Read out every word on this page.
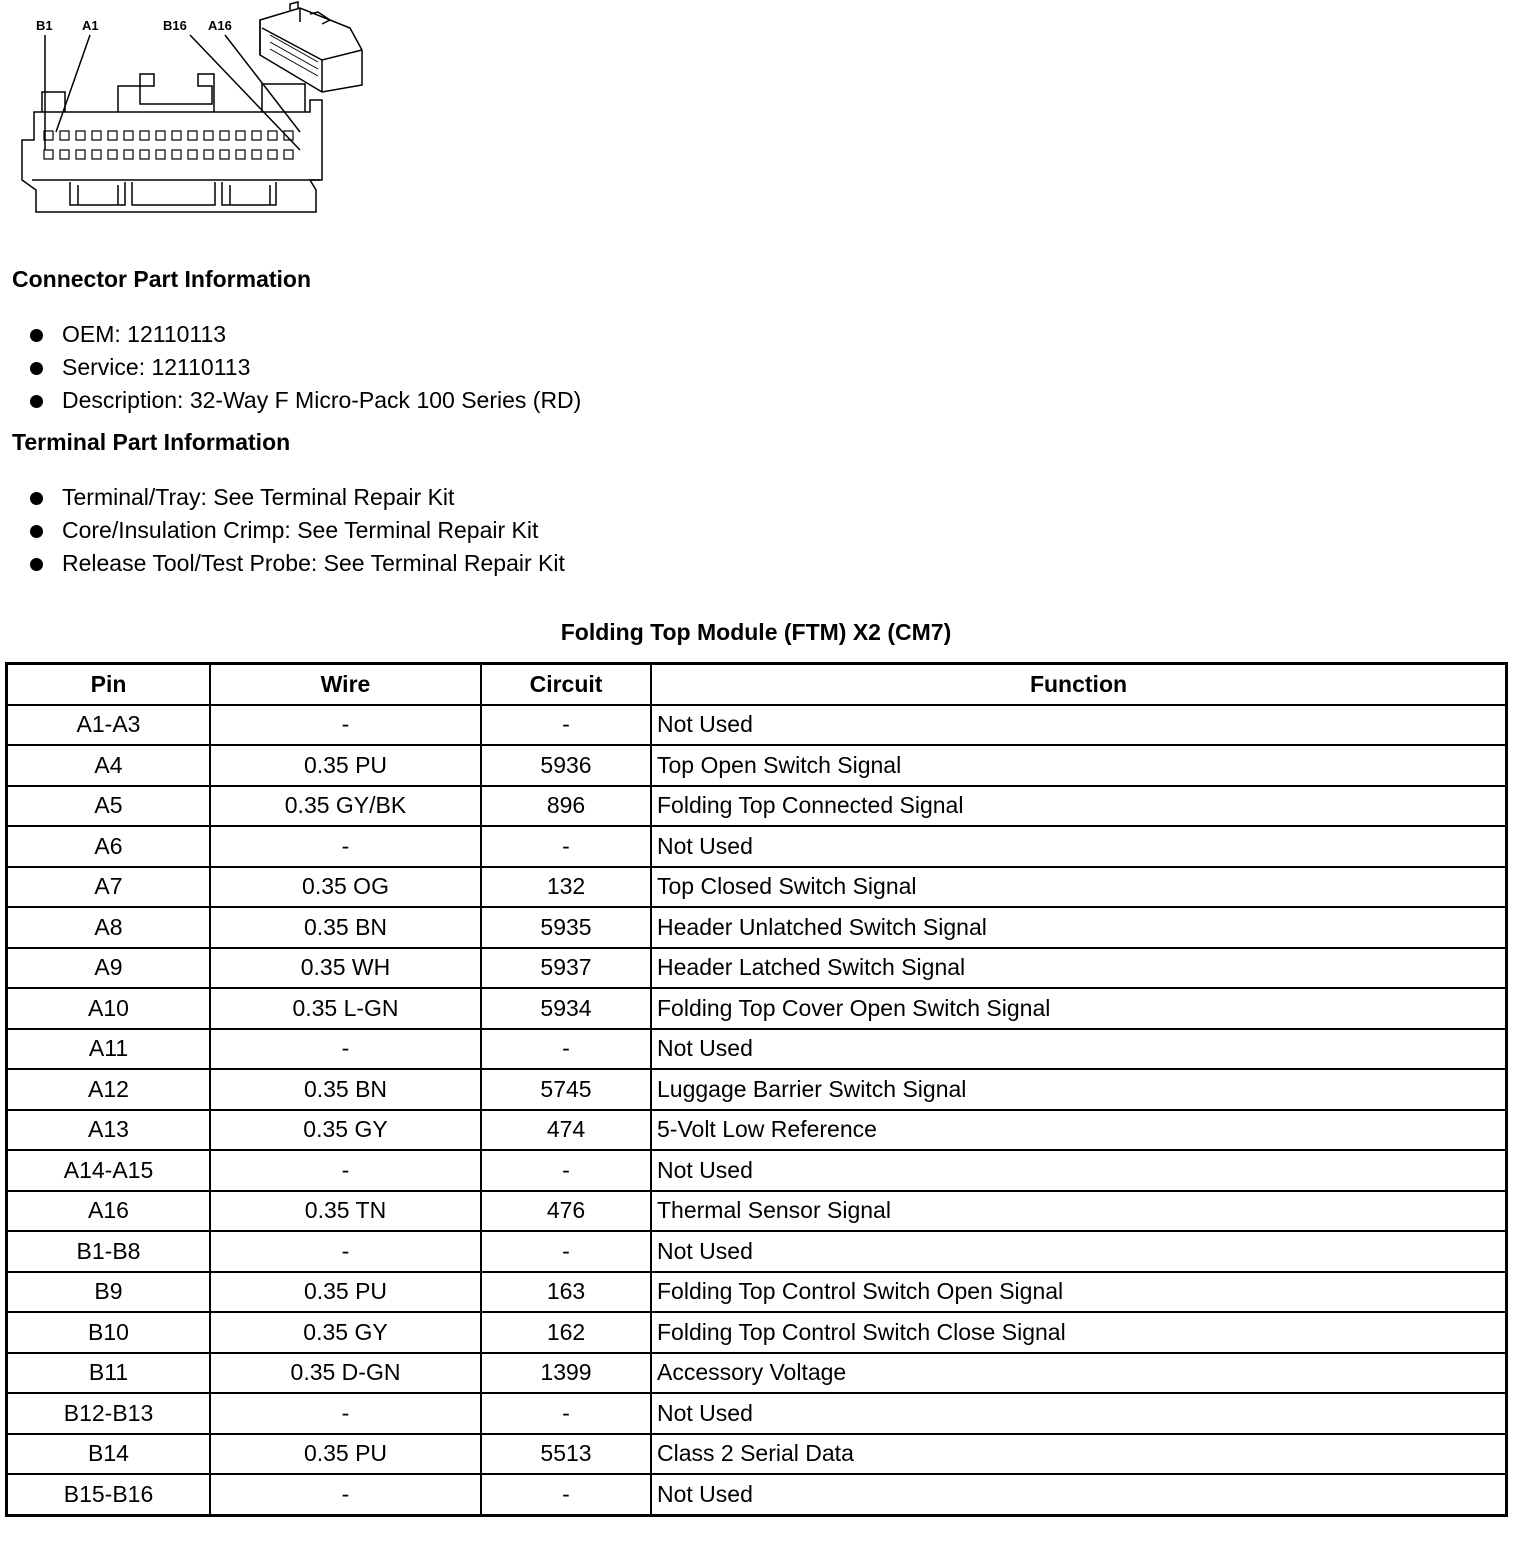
B1 A1	B16 A16
Connector Part Information
OEM: 12110113
Service: 12110113
Description: 32-Way F Micro-Pack 100 Series (RD)
Terminal Part Information
Terminal/Tray: See Terminal Repair Kit
Core/Insulation Crimp: See Terminal Repair Kit
Release Tool/Test Probe: See Terminal Repair Kit
Folding Top Module (FTM) X2 (CM7)
Pin	Wire	Circuit	Function
A1-A3	-	-	Not Used
A4	0.35 PU	5936	Top Open Switch Signal
A5	0.35 GY/BK	896	Folding Top Connected Signal
A6	-	-	Not Used
A7	0.35 OG	132	Top Closed Switch Signal
A8	0.35 BN	5935	Header Unlatched Switch Signal
A9	0.35 WH	5937	Header Latched Switch Signal
A10	0.35 L-GN	5934	Folding Top Cover Open Switch Signal
A11	-	-	Not Used
A12	0.35 BN	5745	Luggage Barrier Switch Signal
A13	0.35 GY	474	5-Volt Low Reference
A14-A15	-	-	Not Used
A16	0.35 TN	476	Thermal Sensor Signal
B1-B8	-	-	Not Used
B9	0.35 PU	163	Folding Top Control Switch Open Signal
B10	0.35 GY	162	Folding Top Control Switch Close Signal
B11	0.35 D-GN	1399	Accessory Voltage
B12-B13	-	-	Not Used
B14	0.35 PU	5513	Class 2 Serial Data
B15-B16	-	-	Not Used
